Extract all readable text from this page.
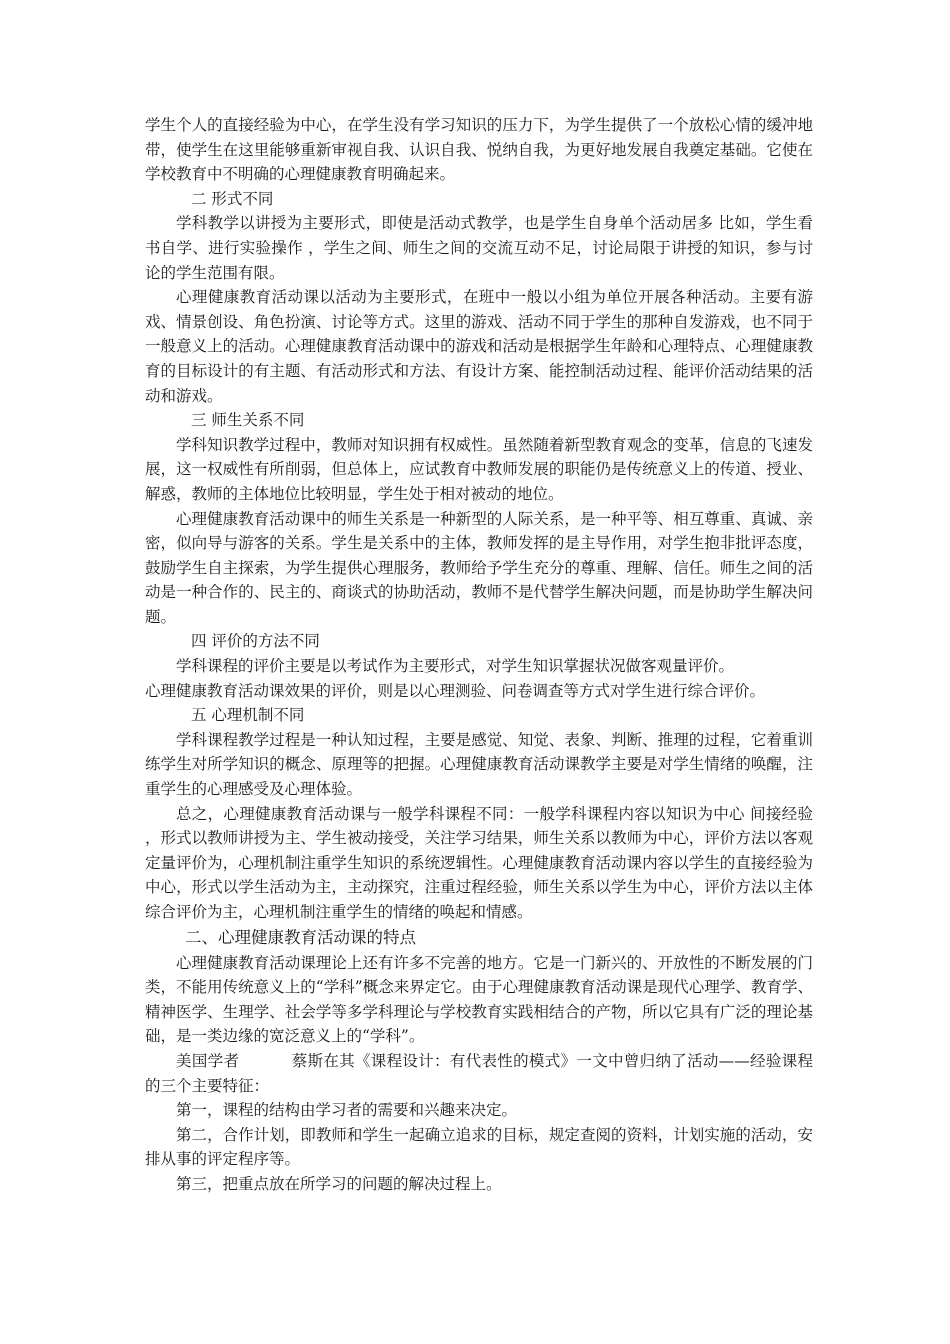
学生个人的直接经验为中心，在学生没有学习知识的压力下，为学生提供了一个放松心情的缓冲地带，使学生在这里能够重新审视自我、认识自我、悦纳自我，为更好地发展自我奠定基础。它使在学校教育中不明确的心理健康教育明确起来。

二 形式不同

学科教学以讲授为主要形式，即使是活动式教学，也是学生自身单个活动居多 比如，学生看书自学、进行实验操作 ，学生之间、师生之间的交流互动不足，讨论局限于讲授的知识，参与讨论的学生范围有限。

心理健康教育活动课以活动为主要形式，在班中一般以小组为单位开展各种活动。主要有游戏、情景创设、角色扮演、讨论等方式。这里的游戏、活动不同于学生的那种自发游戏，也不同于一般意义上的活动。心理健康教育活动课中的游戏和活动是根据学生年龄和心理特点、心理健康教育的目标设计的有主题、有活动形式和方法、有设计方案、能控制活动过程、能评价活动结果的活动和游戏。

三 师生关系不同

学科知识教学过程中，教师对知识拥有权威性。虽然随着新型教育观念的变革，信息的飞速发展，这一权威性有所削弱，但总体上，应试教育中教师发展的职能仍是传统意义上的传道、授业、解惑，教师的主体地位比较明显，学生处于相对被动的地位。

心理健康教育活动课中的师生关系是一种新型的人际关系，是一种平等、相互尊重、真诚、亲密，似向导与游客的关系。学生是关系中的主体，教师发挥的是主导作用，对学生抱非批评态度，鼓励学生自主探索，为学生提供心理服务，教师给予学生充分的尊重、理解、信任。师生之间的活动是一种合作的、民主的、商谈式的协助活动，教师不是代替学生解决问题，而是协助学生解决问题。

四 评价的方法不同

学科课程的评价主要是以考试作为主要形式，对学生知识掌握状况做客观量评价。

心理健康教育活动课效果的评价，则是以心理测验、问卷调查等方式对学生进行综合评价。

五 心理机制不同

学科课程教学过程是一种认知过程，主要是感觉、知觉、表象、判断、推理的过程，它着重训练学生对所学知识的概念、原理等的把握。心理健康教育活动课教学主要是对学生情绪的唤醒，注重学生的心理感受及心理体验。

总之，心理健康教育活动课与一般学科课程不同：一般学科课程内容以知识为中心 间接经验 ，形式以教师讲授为主、学生被动接受，关注学习结果，师生关系以教师为中心，评价方法以客观定量评价为，心理机制注重学生知识的系统逻辑性。心理健康教育活动课内容以学生的直接经验为中心，形式以学生活动为主，主动探究，注重过程经验，师生关系以学生为中心，评价方法以主体综合评价为主，心理机制注重学生的情绪的唤起和情感。

二、心理健康教育活动课的特点

心理健康教育活动课理论上还有许多不完善的地方。它是一门新兴的、开放性的不断发展的门类，不能用传统意义上的“学科”概念来界定它。由于心理健康教育活动课是现代心理学、教育学、精神医学、生理学、社会学等多学科理论与学校教育实践相结合的产物，所以它具有广泛的理论基础，是一类边缘的宽泛意义上的“学科”。

美国学者          蔡斯在其《课程设计：有代表性的模式》一文中曾归纳了活动——经验课程的三个主要特征：

第一，课程的结构由学习者的需要和兴趣来决定。

第二，合作计划，即教师和学生一起确立追求的目标，规定查阅的资料，计划实施的活动，安排从事的评定程序等。

第三，把重点放在所学习的问题的解决过程上。
